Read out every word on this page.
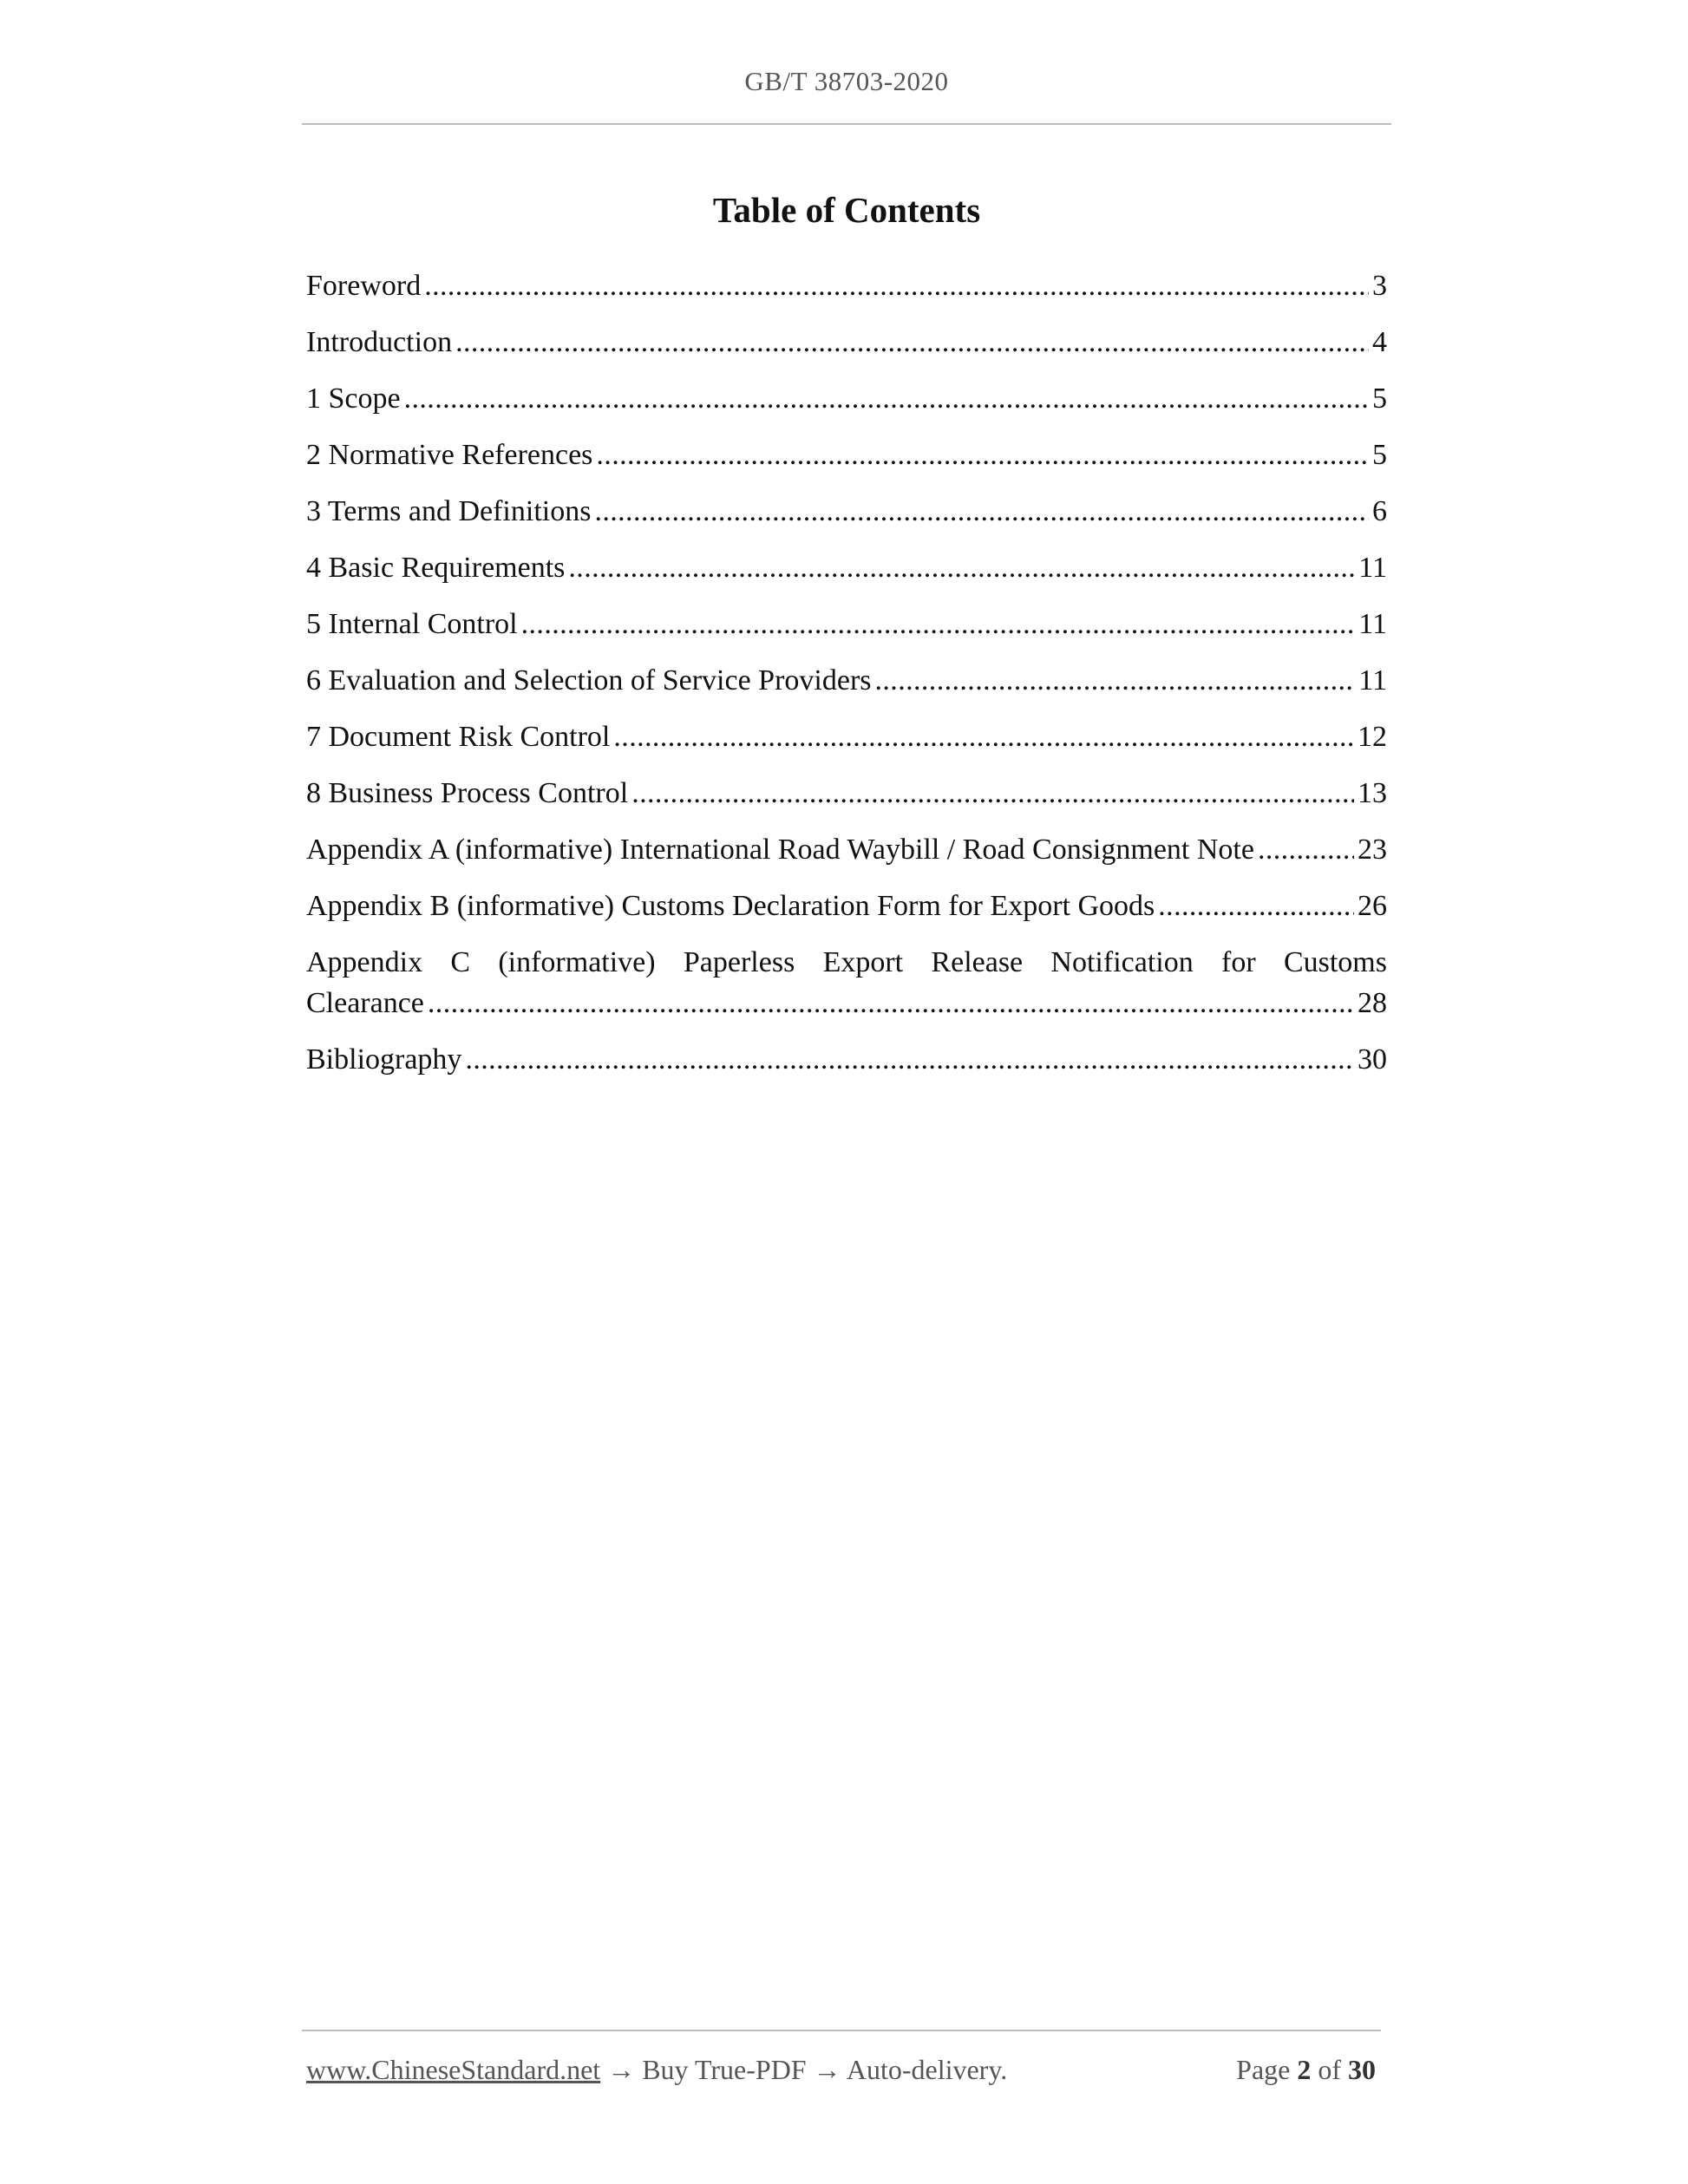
GB/T 38703-2020
Table of Contents
Foreword .....	3
Introduction .....	4
1 Scope .....	5
2 Normative References .....	5
3 Terms and Definitions .....	6
4 Basic Requirements .....	11
5 Internal Control .....	11
6 Evaluation and Selection of Service Providers .....	11
7 Document Risk Control .....	12
8 Business Process Control .....	13
Appendix A (informative) International Road Waybill / Road Consignment Note .....	23
Appendix B (informative) Customs Declaration Form for Export Goods .....	26
Appendix C (informative) Paperless Export Release Notification for Customs
Clearance .....	28
Bibliography .....	30
www.ChineseStandard.net → Buy True-PDF → Auto-delivery.	Page 2 of 30
